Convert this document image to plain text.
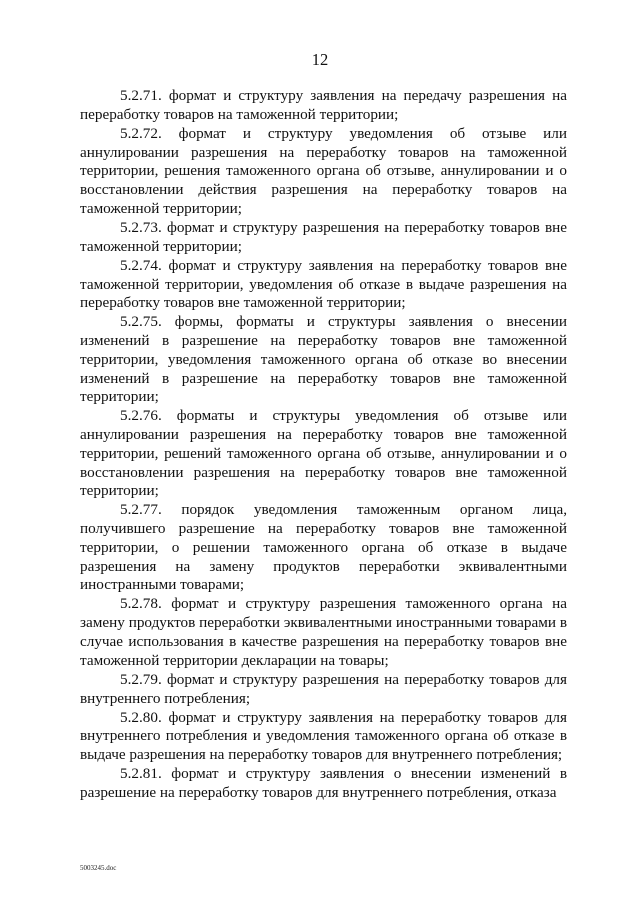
12

5.2.71. формат и структуру заявления на передачу разрешения на переработку товаров на таможенной территории;

5.2.72. формат и структуру уведомления об отзыве или аннулировании разрешения на переработку товаров на таможенной территории, решения таможенного органа об отзыве, аннулировании и о восстановлении действия разрешения на переработку товаров на таможенной территории;

5.2.73. формат и структуру разрешения на переработку товаров вне таможенной территории;

5.2.74. формат и структуру заявления на переработку товаров вне таможенной территории, уведомления об отказе в выдаче разрешения на переработку товаров вне таможенной территории;

5.2.75. формы, форматы и структуры заявления о внесении изменений в разрешение на переработку товаров вне таможенной территории, уведомления таможенного органа об отказе во внесении изменений в разрешение на переработку товаров вне таможенной территории;

5.2.76. форматы и структуры уведомления об отзыве или аннулировании разрешения на переработку товаров вне таможенной территории, решений таможенного органа об отзыве, аннулировании и о восстановлении разрешения на переработку товаров вне таможенной территории;

5.2.77. порядок уведомления таможенным органом лица, получившего разрешение на переработку товаров вне таможенной территории, о решении таможенного органа об отказе в выдаче разрешения на замену продуктов переработки эквивалентными иностранными товарами;

5.2.78. формат и структуру разрешения таможенного органа на замену продуктов переработки эквивалентными иностранными товарами в случае использования в качестве разрешения на переработку товаров вне таможенной территории декларации на товары;

5.2.79. формат и структуру разрешения на переработку товаров для внутреннего потребления;

5.2.80. формат и структуру заявления на переработку товаров для внутреннего потребления и уведомления таможенного органа об отказе в выдаче разрешения на переработку товаров для внутреннего потребления;

5.2.81. формат и структуру заявления о внесении изменений в разрешение на переработку товаров для внутреннего потребления, отказа

5003245.doc
